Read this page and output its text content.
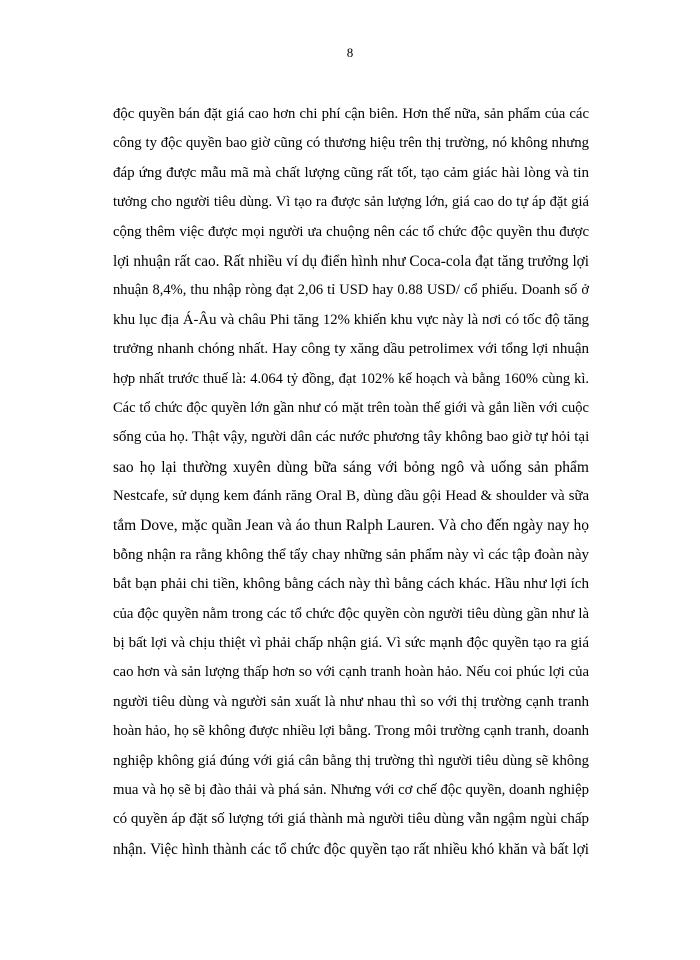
8
độc quyền bán đặt giá cao hơn chi phí cận biên. Hơn thế nữa, sản phẩm của các
công ty độc quyền bao giờ cũng có thương hiệu trên thị trường, nó không nhưng
đáp ứng được mẫu mã mà chất lượng cũng rất tốt, tạo cảm giác hài lòng và tin
tưởng cho người tiêu dùng. Vì tạo ra được sản lượng lớn, giá cao do tự áp đặt giá
cộng thêm việc được mọi người ưa chuộng nên các tổ chức độc quyền thu được
lợi nhuận rất cao. Rất nhiều ví dụ điển hình như Coca-cola đạt tăng trưởng lợi
nhuận 8,4%, thu nhập ròng đạt 2,06 tỉ USD hay 0.88 USD/ cổ phiếu. Doanh số ở
khu lục địa Á-Âu và châu Phi tăng 12% khiến khu vực này là nơi có tốc độ tăng
trưởng nhanh chóng nhất. Hay công ty xăng dầu petrolimex với tổng lợi nhuận
hợp nhất trước thuế là: 4.064 tỷ đồng, đạt 102% kế hoạch và bằng 160% cùng kì.
Các tổ chức độc quyền lớn gần như có mặt trên toàn thế giới và gắn liền với cuộc
sống của họ. Thật vậy, người dân các nước phương tây không bao giờ tự hỏi tại
sao họ lại thường xuyên dùng bữa sáng với bỏng ngô và uống sản phẩm
Nestcafe, sử dụng kem đánh răng Oral B, dùng dầu gội Head & shoulder và sữa
tắm Dove, mặc quần Jean và áo thun Ralph Lauren. Và cho đến ngày nay họ
bỗng nhận ra rằng không thể tẩy chay những sản phẩm này vì các tập đoàn này
bắt bạn phải chi tiền, không bằng cách này thì bằng cách khác. Hầu như lợi ích
của độc quyền nằm trong các tổ chức độc quyền còn người tiêu dùng gần như là
bị bất lợi và chịu thiệt vì phải chấp nhận giá. Vì sức mạnh độc quyền tạo ra giá
cao hơn và sản lượng thấp hơn so với cạnh tranh hoàn hảo. Nếu coi phúc lợi của
người tiêu dùng và người sản xuất là như nhau thì so với thị trường cạnh tranh
hoàn hảo, họ sẽ không được nhiều lợi bằng. Trong môi trường cạnh tranh, doanh
nghiệp không giá đúng với giá cân bằng thị trường thì người tiêu dùng sẽ không
mua và họ sẽ bị đào thải và phá sản. Nhưng với cơ chế độc quyền, doanh nghiệp
có quyền áp đặt số lượng tới giá thành mà người tiêu dùng vẫn ngậm ngùi chấp
nhận. Việc hình thành các tổ chức độc quyền tạo rất nhiều khó khăn và bất lợi
